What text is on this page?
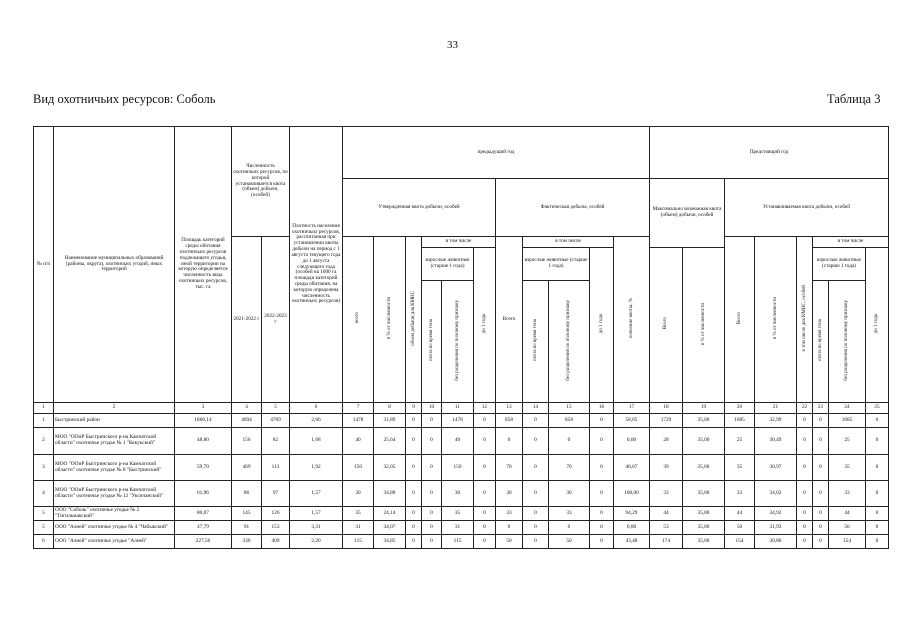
33
Вид охотничьих ресурсов: Соболь	Таблица 3
№ п/п	Наименование муниципальных образований (районы, округа), охотничьих угодий, иных территорий	Площадь категорий среды обитания охотничьих ресурсов подлежащего угодья, иной территории на которую определяется численность вида охотничьих ресурсов, тыс. га	Численность охотничьих ресурсов, по которой устанавливается квота (объем) добычи, (особей)		Плотность населения охотничьих ресурсов, рассчитанная при установлении квоты добычи на период с 1 августа текущего года до 1 августа следующего года (особей на 1000 га площади категорий среды обитания, на которую определена численность охотничьих ресурсов)	предыдущий год											Предстоящий год							
						Утвержденная квота добычи, особей						Фактическая добыча, особей					Максимально возможная квота (объем) добычи, особей		Устанавливаемая квота добычи, особей					
			2021-2022 г	2022-2023 г		всего	в % от численности	объем добычи для КМНС	в том числе			Всего	в том числе			освоение квоты, %			Всего	в % от численности	в том числе для КМНС, особей	в том числе		
									взрослые животные (старше 1 года)		до 1 года		взрослые животные (старше 1 года)		до 1 года		Всего	в % от численности				взрослые животные (старше 1 года)		до 1 года
									охота во время гона	без разделения по половому признаку			охота во время гона	без разделения по половому признаку								охота во время гона	без разделения по половому признаку	
1	2	3	4	5	6	7	8	9	10	11	12	13	14	15	16	17	18	19	20	21	22	23	24	25
1	Быстринский район	1866,14	4694	4769	2,66	1478	31,89	0	0	1478	0	858	0	858	0	58,05	1729	35,00	1685	32,99	0	0	1685	0
2	МОО "ООиР Быстринского р-на Камчатской области" охотничье угодье № 1 "Кекукский"	48,80	156	82	1,68	40	25,64	0	0	40	0	0	0	0	0	0,00	28	35,00	25	30,49	0	0	25	0
3	МОО "ООиР Быстринского р-на Камчатской области" охотничье угодье № 8 "Быстринский"	59,70	469	113	1,92	150	32,05	0	0	150	0	70	0	70	0	46,67	39	35,00	35	30,97	0	0	35	0
4	МОО "ООиР Быстринского р-на Камчатской области" охотничье угодье № 12 "Уксичанский"	61,96	86	97	1,57	30	34,88	0	0	30	0	30	0	30	0	100,00	33	35,00	33	34,02	0	0	33	0
5	ООО "Соболь" охотничье угодье № 2 "Тигильмакский"	80,07	145	126	1,57	35	24,14	0	0	35	0	33	0	33	0	94,29	44	35,00	44	34,92	0	0	44	0
5	ООО "Алней" охотничье угодье № 4 "Чабыкский"	47,79	91	153	3,31	31	34,07	0	0	31	0	0	0	0	0	0,00	53	35,00	50	31,93	0	0	50	0
6	ООО "Алней" охотничье угодье "Алней"	227,56	330	409	2,20	115	34,85	0	0	115	0	50	0	50	0	43,48	174	35,00	154	30,86	0	0	154	0
